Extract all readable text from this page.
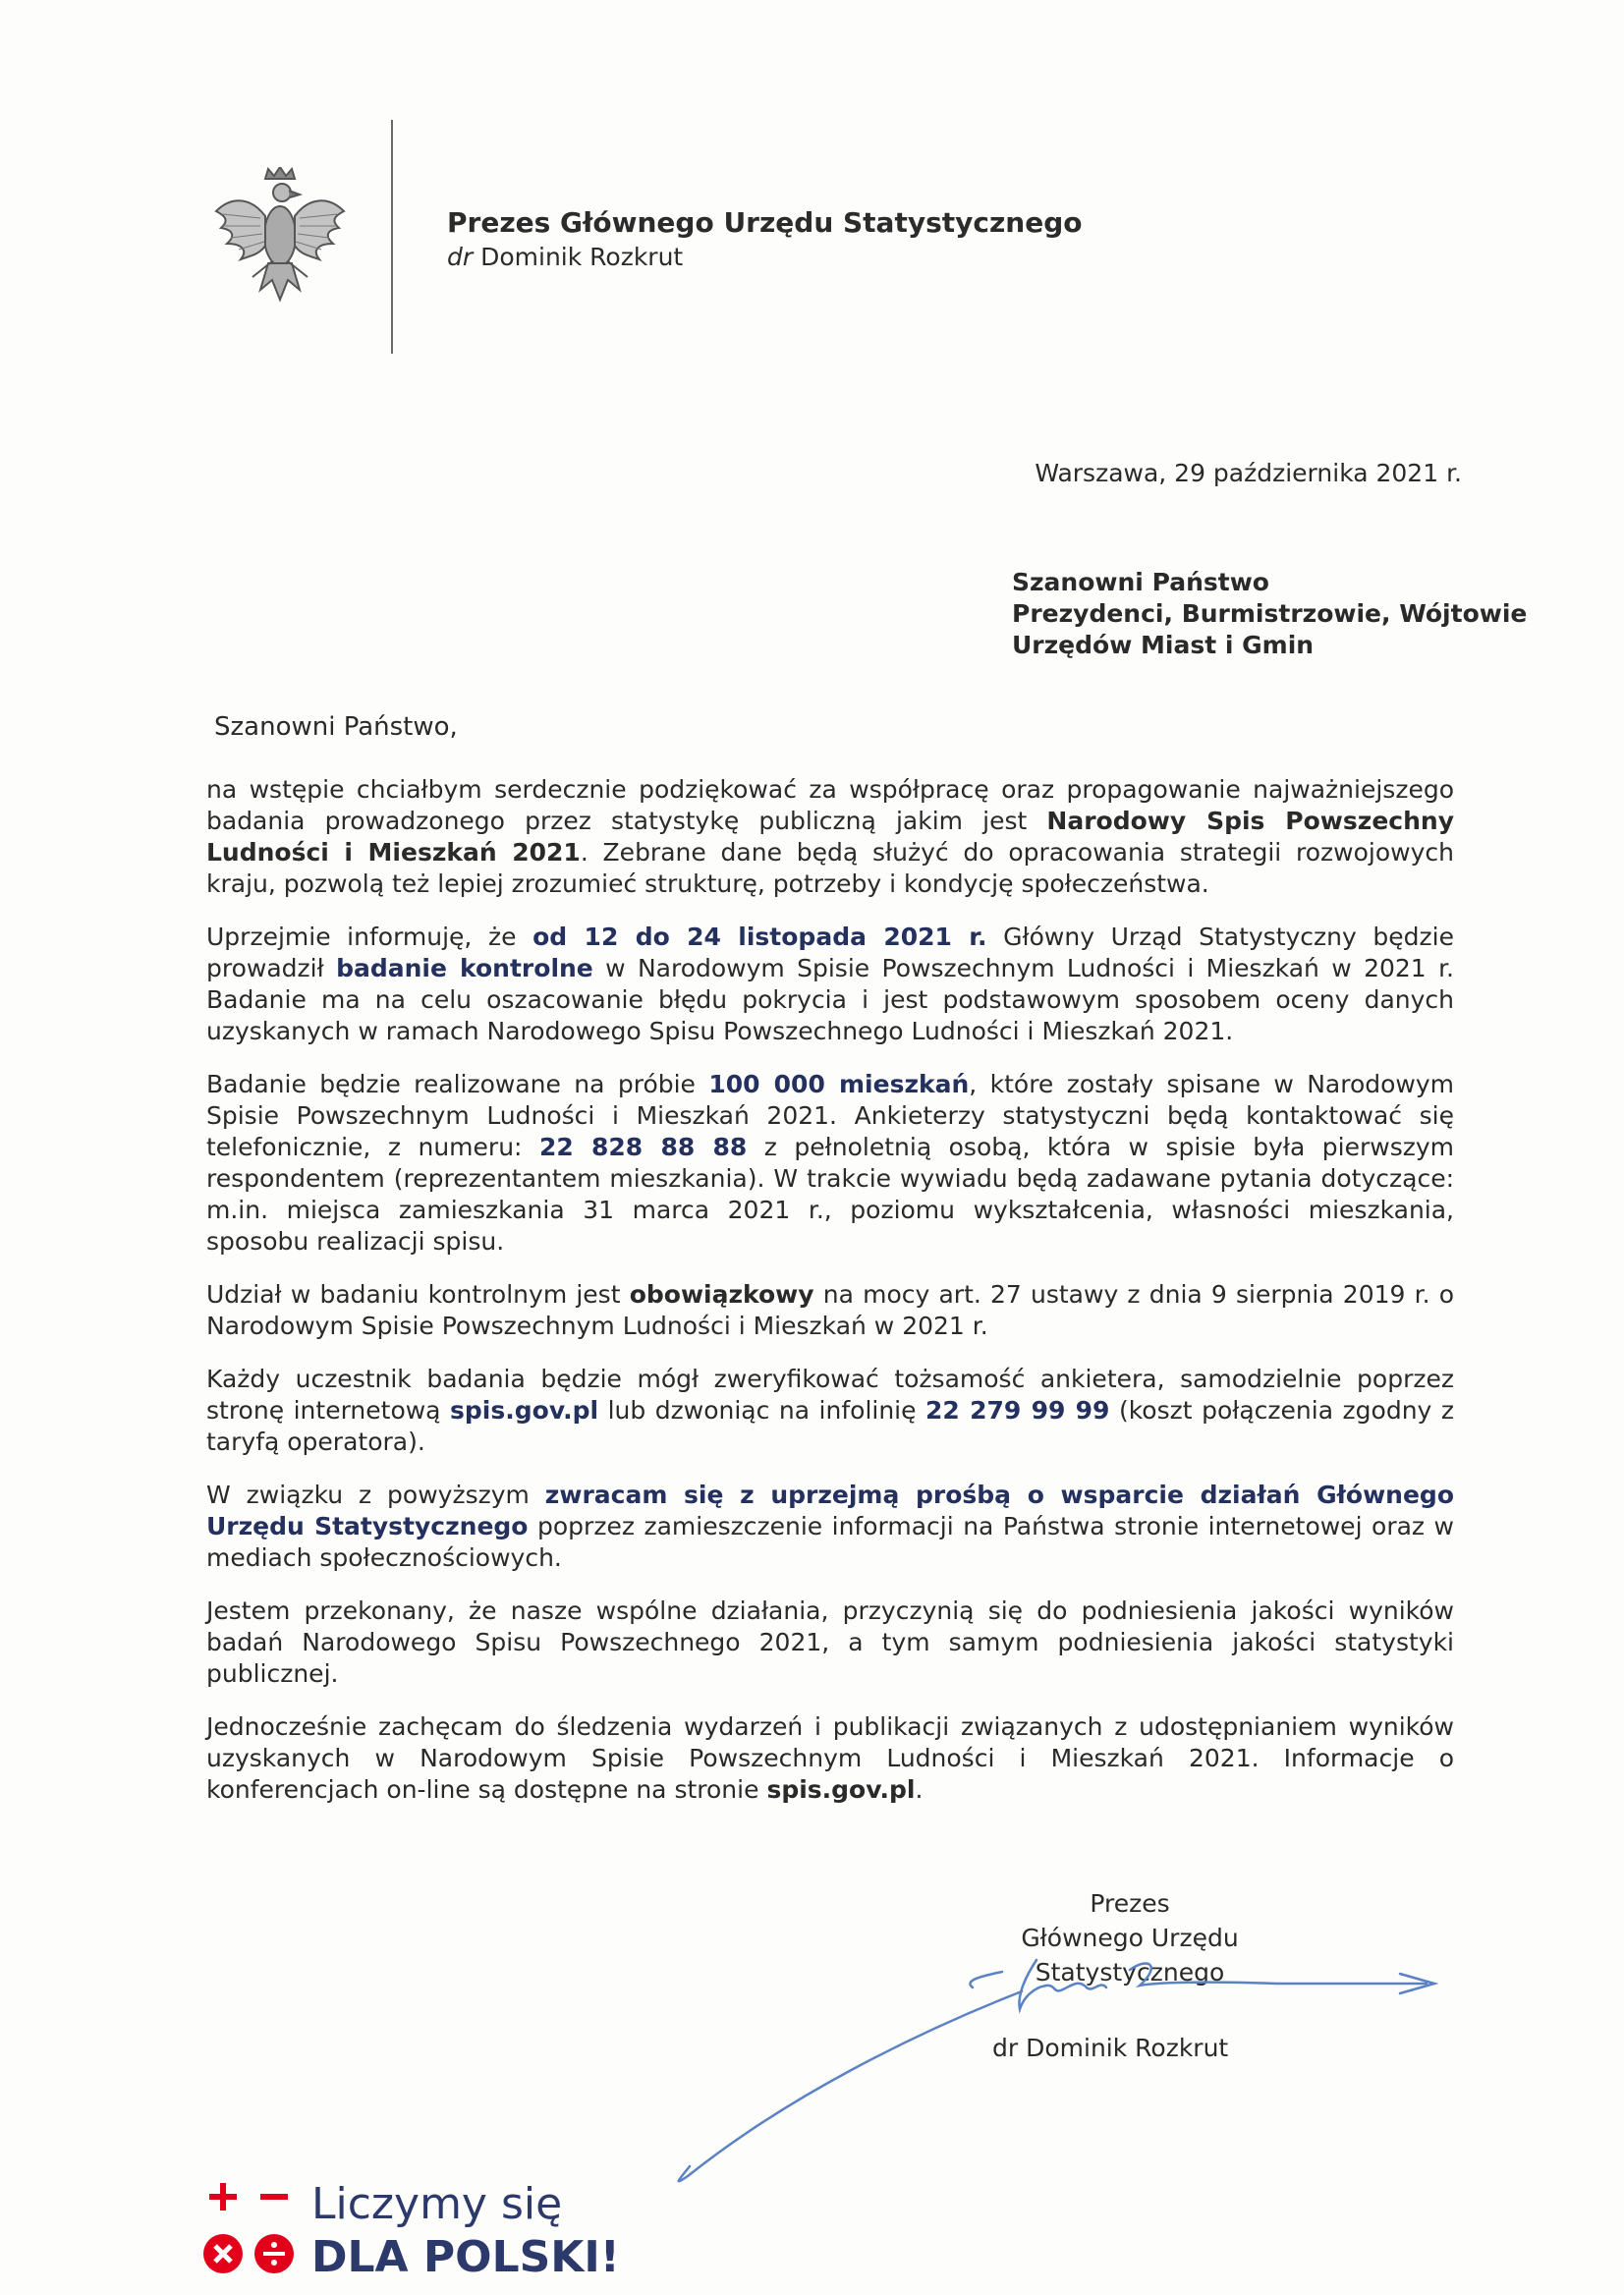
Prezes Głównego Urzędu Statystycznego
dr Dominik Rozkrut
Warszawa, 29 października 2021 r.
Szanowni Państwo
Prezydenci, Burmistrzowie, Wójtowie
Urzędów Miast i Gmin
Szanowni Państwo,

na wstępie chciałbym serdecznie podziękować za współpracę oraz propagowanie najważniejszego badania prowadzonego przez statystykę publiczną jakim jest Narodowy Spis Powszechny Ludności i Mieszkań 2021. Zebrane dane będą służyć do opracowania strategii rozwojowych kraju, pozwolą też lepiej zrozumieć strukturę, potrzeby i kondycję społeczeństwa.

Uprzejmie informuję, że od 12 do 24 listopada 2021 r. Główny Urząd Statystyczny będzie prowadził badanie kontrolne w Narodowym Spisie Powszechnym Ludności i Mieszkań w 2021 r. Badanie ma na celu oszacowanie błędu pokrycia i jest podstawowym sposobem oceny danych uzyskanych w ramach Narodowego Spisu Powszechnego Ludności i Mieszkań 2021.

Badanie będzie realizowane na próbie 100 000 mieszkań, które zostały spisane w Narodowym Spisie Powszechnym Ludności i Mieszkań 2021. Ankieterzy statystyczni będą kontaktować się telefonicznie, z numeru: 22 828 88 88 z pełnoletnią osobą, która w spisie była pierwszym respondentem (reprezentantem mieszkania). W trakcie wywiadu będą zadawane pytania dotyczące: m.in. miejsca zamieszkania 31 marca 2021 r., poziomu wykształcenia, własności mieszkania, sposobu realizacji spisu.

Udział w badaniu kontrolnym jest obowiązkowy na mocy art. 27 ustawy z dnia 9 sierpnia 2019 r. o Narodowym Spisie Powszechnym Ludności i Mieszkań w 2021 r.

Każdy uczestnik badania będzie mógł zweryfikować tożsamość ankietera, samodzielnie poprzez stronę internetową spis.gov.pl lub dzwoniąc na infolinię 22 279 99 99 (koszt połączenia zgodny z taryfą operatora).

W związku z powyższym zwracam się z uprzejmą prośbą o wsparcie działań Głównego Urzędu Statystycznego poprzez zamieszczenie informacji na Państwa stronie internetowej oraz w mediach społecznościowych.

Jestem przekonany, że nasze wspólne działania, przyczynią się do podniesienia jakości wyników badań Narodowego Spisu Powszechnego 2021, a tym samym podniesienia jakości statystyki publicznej.

Jednocześnie zachęcam do śledzenia wydarzeń i publikacji związanych z udostępnianiem wyników uzyskanych w Narodowym Spisie Powszechnym Ludności i Mieszkań 2021. Informacje o konferencjach on-line są dostępne na stronie spis.gov.pl.

Prezes
Głównego Urzędu Statystycznego
dr Dominik Rozkrut
Liczymy się
DLA POLSKI!
